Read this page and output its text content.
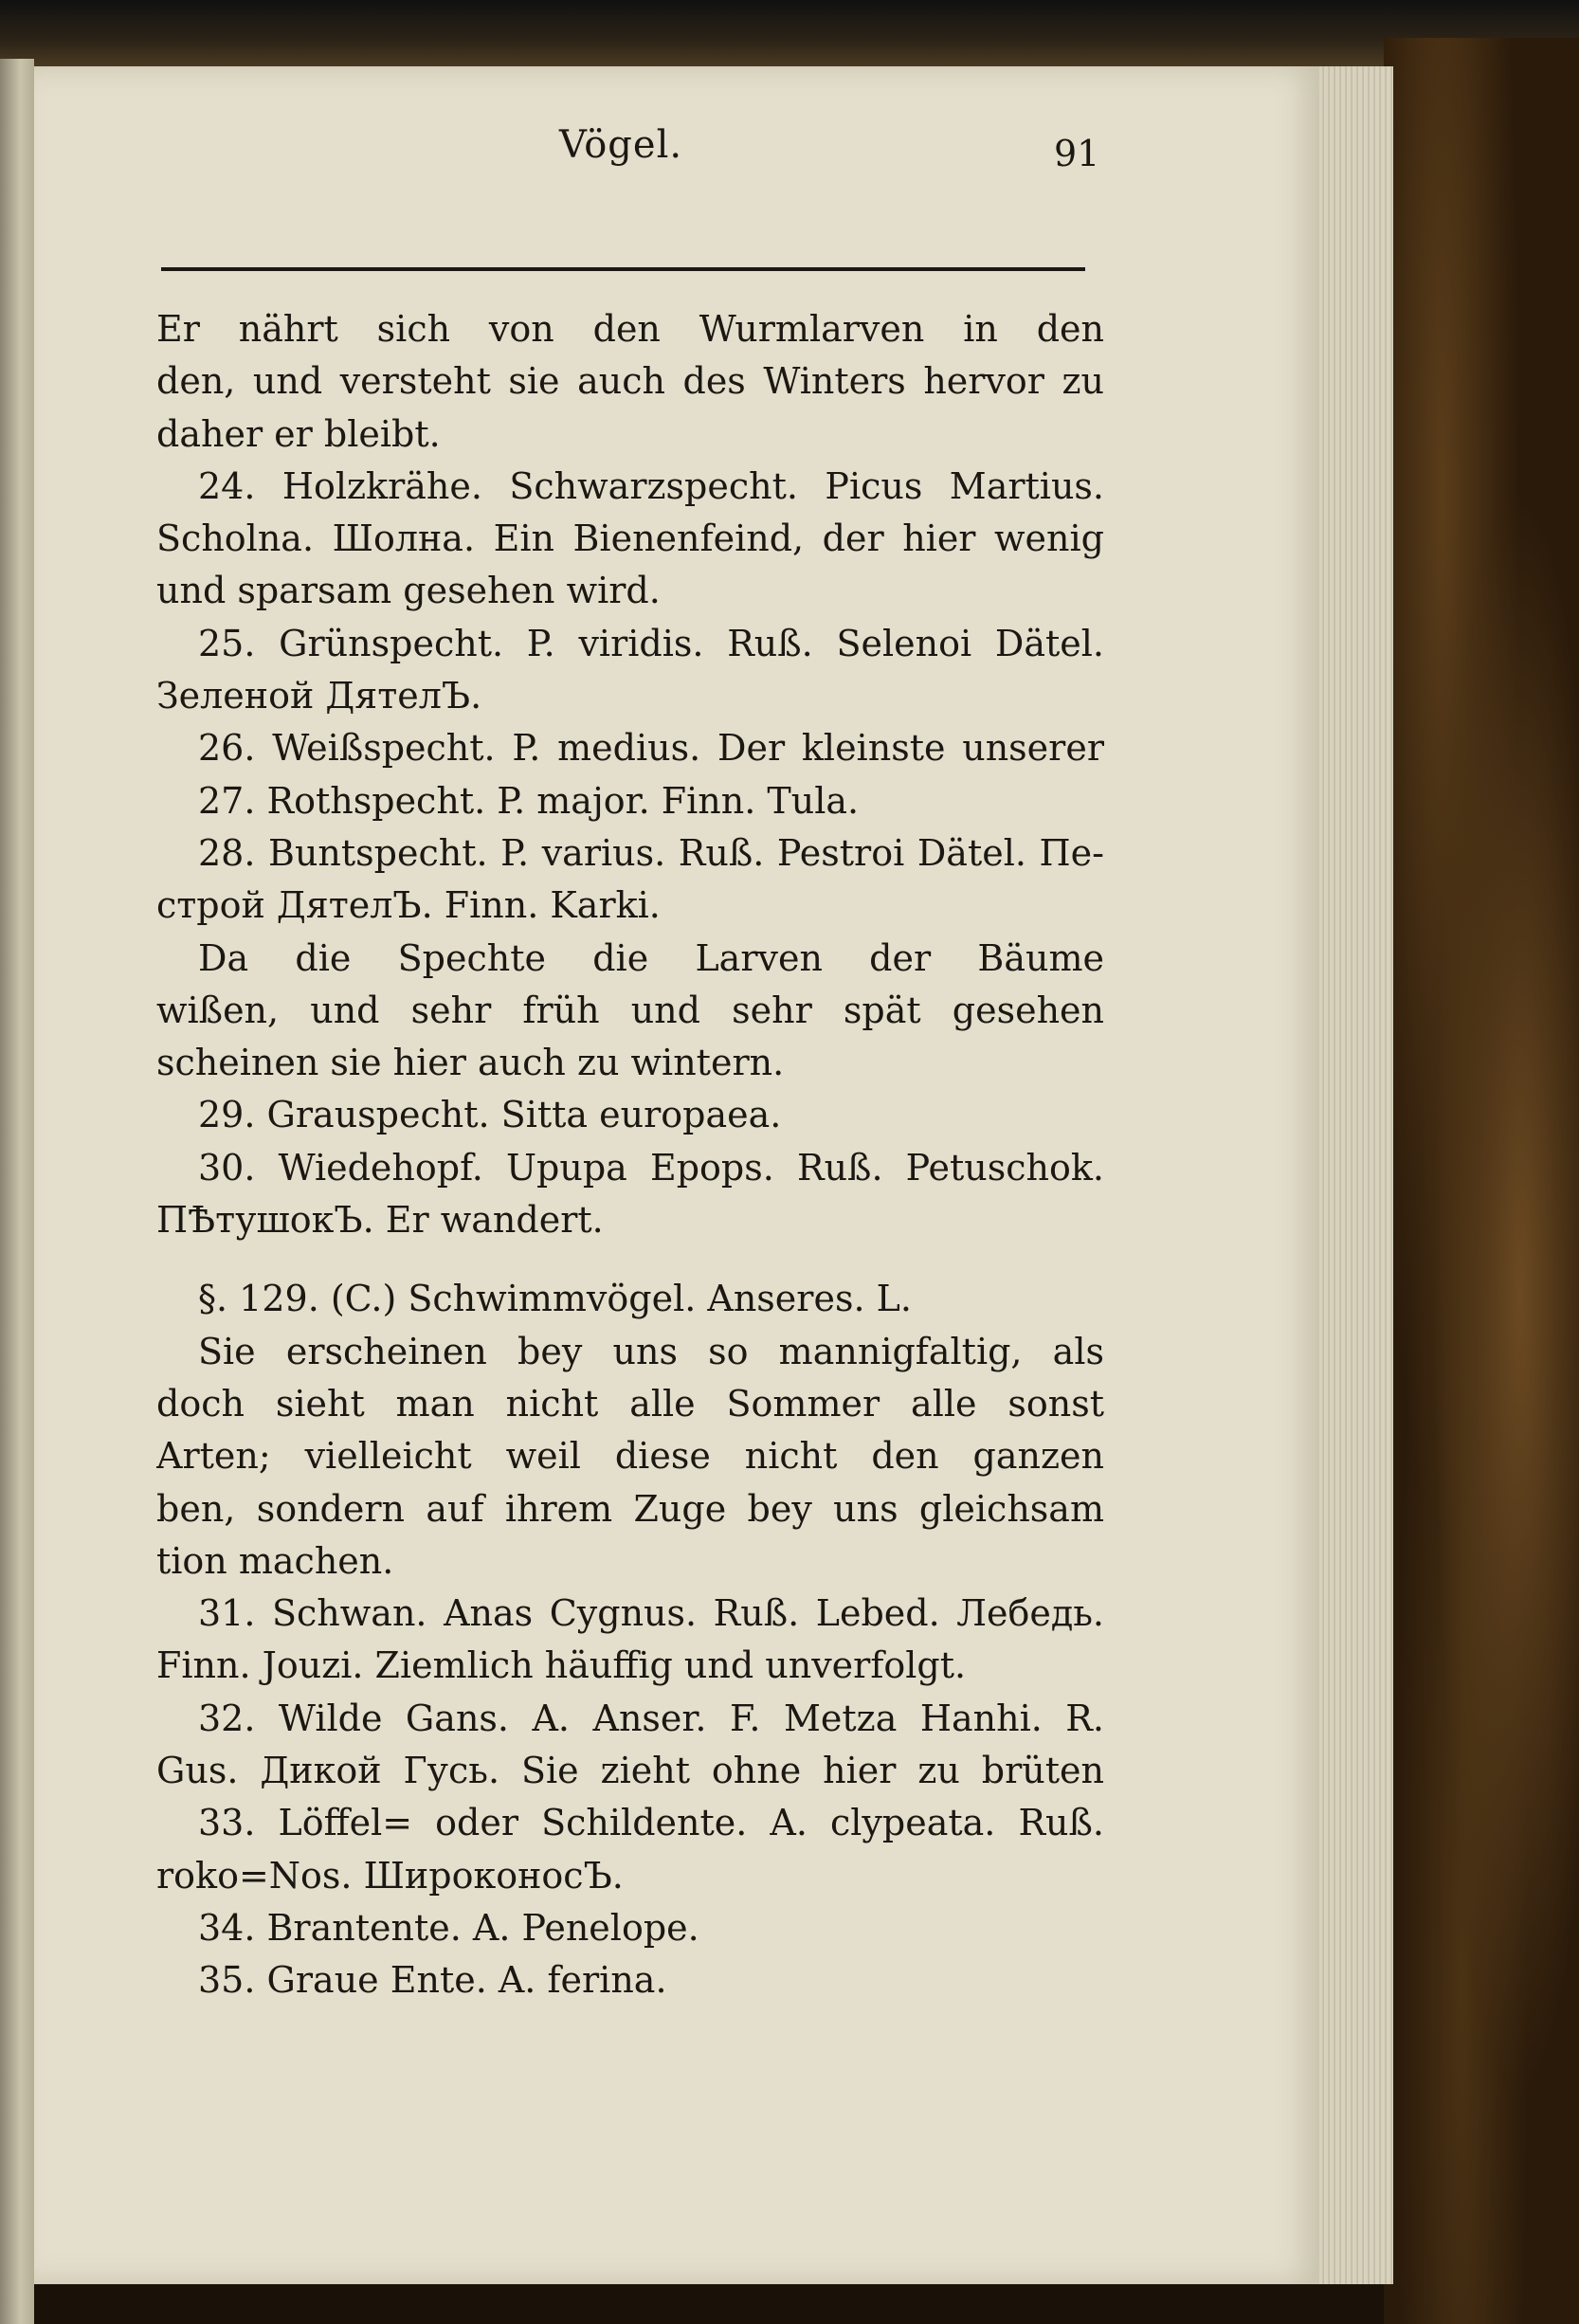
Vögel.	91
Er nährt sich von den Wurmlarven in den
den, und versteht sie auch des Winters hervor zu
daher er bleibt.
24. Holzkrähe. Schwarzspecht. Picus Martius.
Scholna. Шолна. Ein Bienenfeind, der hier wenig
und sparsam gesehen wird.
25. Grünspecht. P. viridis. Ruß. Selenoi Dätel.
Зеленой ДятелЪ.
26. Weißspecht. P. medius. Der kleinste unserer
27. Rothspecht. P. major. Finn. Tula.
28. Buntspecht. P. varius. Ruß. Pestroi Dätel. Пе-
строй ДятелЪ. Finn. Karki.
Da die Spechte die Larven der Bäume
wißen, und sehr früh und sehr spät gesehen
scheinen sie hier auch zu wintern.
29. Grauspecht. Sitta europaea.
30. Wiedehopf. Upupa Epops. Ruß. Petuschok.
ПѢтушокЪ. Er wandert.
§. 129. (C.) Schwimmvögel. Anseres. L.
Sie erscheinen bey uns so mannigfaltig, als
doch sieht man nicht alle Sommer alle sonst
Arten; vielleicht weil diese nicht den ganzen
ben, sondern auf ihrem Zuge bey uns gleichsam
tion machen.
31. Schwan. Anas Cygnus. Ruß. Lebed. Лебедь.
Finn. Jouzi. Ziemlich häuffig und unverfolgt.
32. Wilde Gans. A. Anser. F. Metza Hanhi. R.
Gus. Дикой Гусь. Sie zieht ohne hier zu brüten
33. Löffel= oder Schildente. A. clypeata. Ruß.
roko=Nos. ШироконосЪ.
34. Brantente. A. Penelope.
35. Graue Ente. A. ferina.
